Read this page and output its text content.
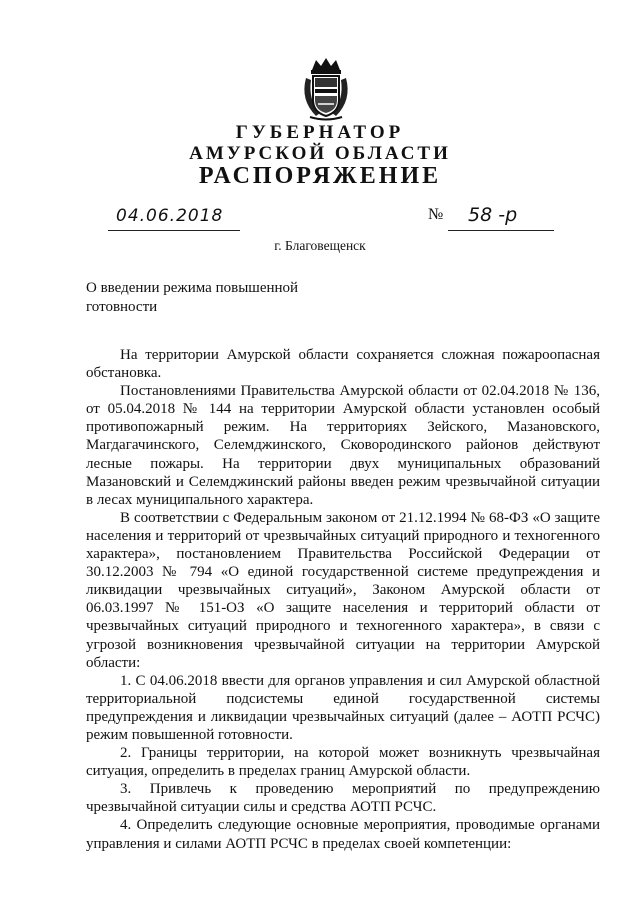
ГУБЕРНАТОР
АМУРСКОЙ ОБЛАСТИ
РАСПОРЯЖЕНИЕ
04.06.2018	№ 58 -р
г. Благовещенск
О введении режима повышенной
готовности

На территории Амурской области сохраняется сложная пожароопасная обстановка.

Постановлениями Правительства Амурской области от 02.04.2018 № 136, от 05.04.2018 № 144 на территории Амурской области установлен особый противопожарный режим. На территориях Зейского, Мазановского, Магдагачинского, Селемджинского, Сковородинского районов действуют лесные пожары. На территории двух муниципальных образований Мазановский и Селемджинский районы введен режим чрезвычайной ситуации в лесах муниципального характера.

В соответствии с Федеральным законом от 21.12.1994 № 68-ФЗ «О защите населения и территорий от чрезвычайных ситуаций природного и техногенного характера», постановлением Правительства Российской Федерации от 30.12.2003 № 794 «О единой государственной системе предупреждения и ликвидации чрезвычайных ситуаций», Законом Амурской области от 06.03.1997 № 151-ОЗ «О защите населения и территорий области от чрезвычайных ситуаций природного и техногенного характера», в связи с угрозой возникновения чрезвычайной ситуации на территории Амурской области:

1. С 04.06.2018 ввести для органов управления и сил Амурской областной территориальной подсистемы единой государственной системы предупреждения и ликвидации чрезвычайных ситуаций (далее – АОТП РСЧС) режим повышенной готовности.

2. Границы территории, на которой может возникнуть чрезвычайная ситуация, определить в пределах границ Амурской области.

3. Привлечь к проведению мероприятий по предупреждению чрезвычайной ситуации силы и средства АОТП РСЧС.

4. Определить следующие основные мероприятия, проводимые органами управления и силами АОТП РСЧС в пределах своей компетенции:
